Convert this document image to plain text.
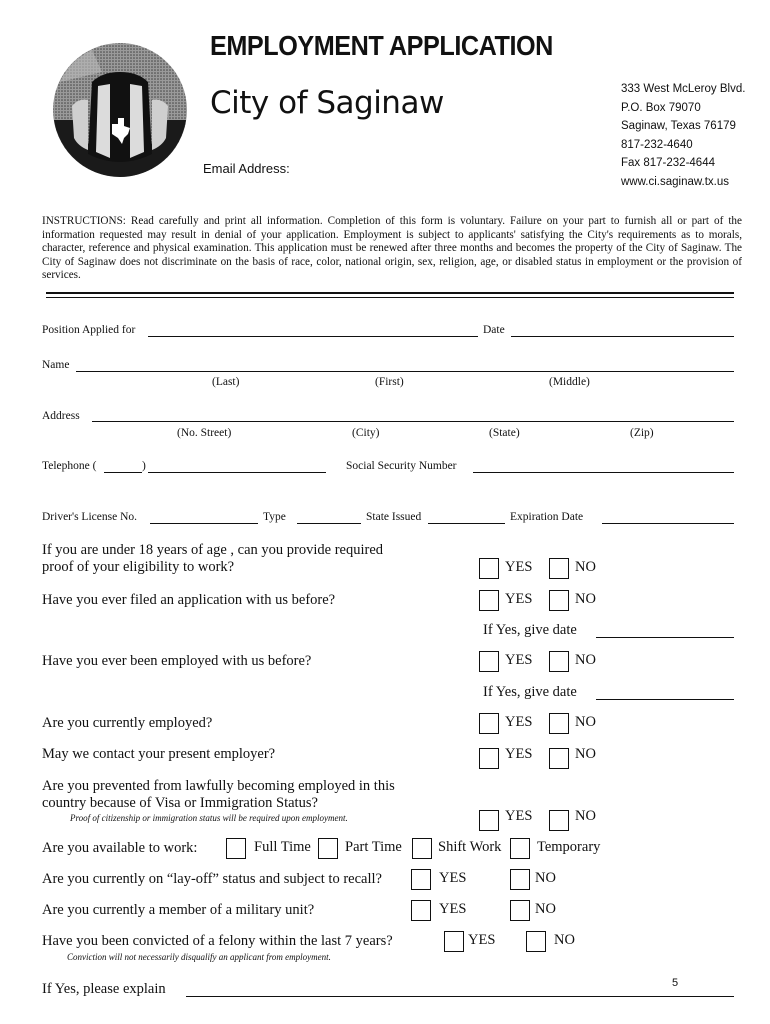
EMPLOYMENT APPLICATION
City of Saginaw
Email Address:
333 West McLeroy Blvd.
P.O. Box 79070
Saginaw, Texas 76179
817-232-4640
Fax 817-232-4644
www.ci.saginaw.tx.us
INSTRUCTIONS: Read carefully and print all information. Completion of this form is voluntary. Failure on your part to furnish all or part of the information requested may result in denial of your application. Employment is subject to applicants' satisfying the City's requirements as to morals, character, reference and physical examination. This application must be renewed after three months and becomes the property of the City of Saginaw. The City of Saginaw does not discriminate on the basis of race, color, national origin, sex, religion, age, or disabled status in employment or the provision of services.
Position Applied for	Date
Name
(Last)	(First)	(Middle)
Address
(No. Street)	(City)	(State)	(Zip)
Telephone (	)	Social Security Number
Driver's License No.	Type	State Issued	Expiration Date
If you are under 18 years of age , can you provide required
proof of your eligibility to work?	YES	NO
Have you ever filed an application with us before?	YES	NO
If Yes, give date
Have you ever been employed with us before?	YES	NO
If Yes, give date
Are you currently employed?	YES	NO
May we contact your present employer?	YES	NO
Are you prevented from lawfully becoming employed in this
country because of Visa or Immigration Status?
Proof of citizenship or immigration status will be required upon employment.	YES	NO
Are you available to work:	Full Time Part Time Shift Work Temporary
Are you currently on “lay-off” status and subject to recall?	YES	NO
Are you currently a member of a military unit?	YES	NO
Have you been convicted of a felony within the last 7 years?
Conviction will not necessarily disqualify an applicant from employment.
YES	NO
If Yes, please explain	5
